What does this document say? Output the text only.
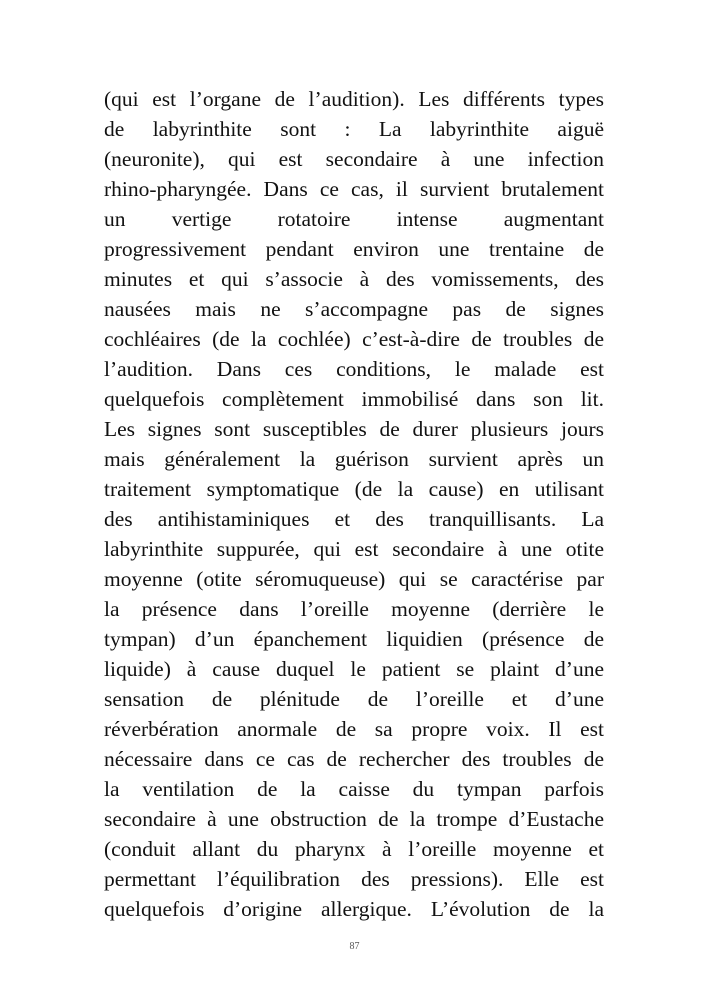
(qui est l’organe de l’audition). Les différents types
de labyrinthite sont : La labyrinthite aiguë
(neuronite), qui est secondaire à une infection
rhino-pharyngée. Dans ce cas, il survient brutalement
un vertige rotatoire intense augmentant
progressivement pendant environ une trentaine de
minutes et qui s’associe à des vomissements, des
nausées mais ne s’accompagne pas de signes
cochléaires (de la cochlée) c’est-à-dire de troubles de
l’audition. Dans ces conditions, le malade est
quelquefois complètement immobilisé dans son lit.
Les signes sont susceptibles de durer plusieurs jours
mais généralement la guérison survient après un
traitement symptomatique (de la cause) en utilisant
des antihistaminiques et des tranquillisants. La
labyrinthite suppurée, qui est secondaire à une otite
moyenne (otite séromuqueuse) qui se caractérise par
la présence dans l’oreille moyenne (derrière le
tympan) d’un épanchement liquidien (présence de
liquide) à cause duquel le patient se plaint d’une
sensation de plénitude de l’oreille et d’une
réverbération anormale de sa propre voix. Il est
nécessaire dans ce cas de rechercher des troubles de
la ventilation de la caisse du tympan parfois
secondaire à une obstruction de la trompe d’Eustache
(conduit allant du pharynx à l’oreille moyenne et
permettant l’équilibration des pressions). Elle est
quelquefois d’origine allergique. L’évolution de la
87
